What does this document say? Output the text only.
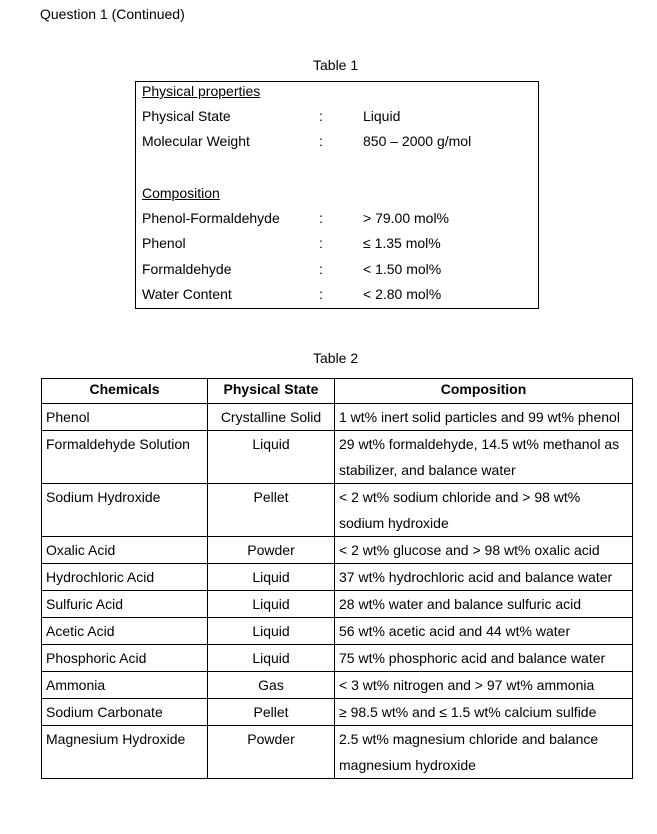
Question 1 (Continued)
Table 1
Physical properties
Physical State	:	Liquid
Molecular Weight	:	850 – 2000 g/mol
Composition
Phenol-Formaldehyde	:	> 79.00 mol%
Phenol	:	≤ 1.35 mol%
Formaldehyde	:	< 1.50 mol%
Water Content	:	< 2.80 mol%
Table 2
Chemicals	Physical State	Composition
Phenol	Crystalline Solid	1 wt% inert solid particles and 99 wt% phenol
Formaldehyde Solution	Liquid	29 wt% formaldehyde, 14.5 wt% methanol as stabilizer, and balance water
Sodium Hydroxide	Pellet	< 2 wt% sodium chloride and > 98 wt% sodium hydroxide
Oxalic Acid	Powder	< 2 wt% glucose and > 98 wt% oxalic acid
Hydrochloric Acid	Liquid	37 wt% hydrochloric acid and balance water
Sulfuric Acid	Liquid	28 wt% water and balance sulfuric acid
Acetic Acid	Liquid	56 wt% acetic acid and 44 wt% water
Phosphoric Acid	Liquid	75 wt% phosphoric acid and balance water
Ammonia	Gas	< 3 wt% nitrogen and > 97 wt% ammonia
Sodium Carbonate	Pellet	≥ 98.5 wt% and ≤ 1.5 wt% calcium sulfide
Magnesium Hydroxide	Powder	2.5 wt% magnesium chloride and balance magnesium hydroxide
